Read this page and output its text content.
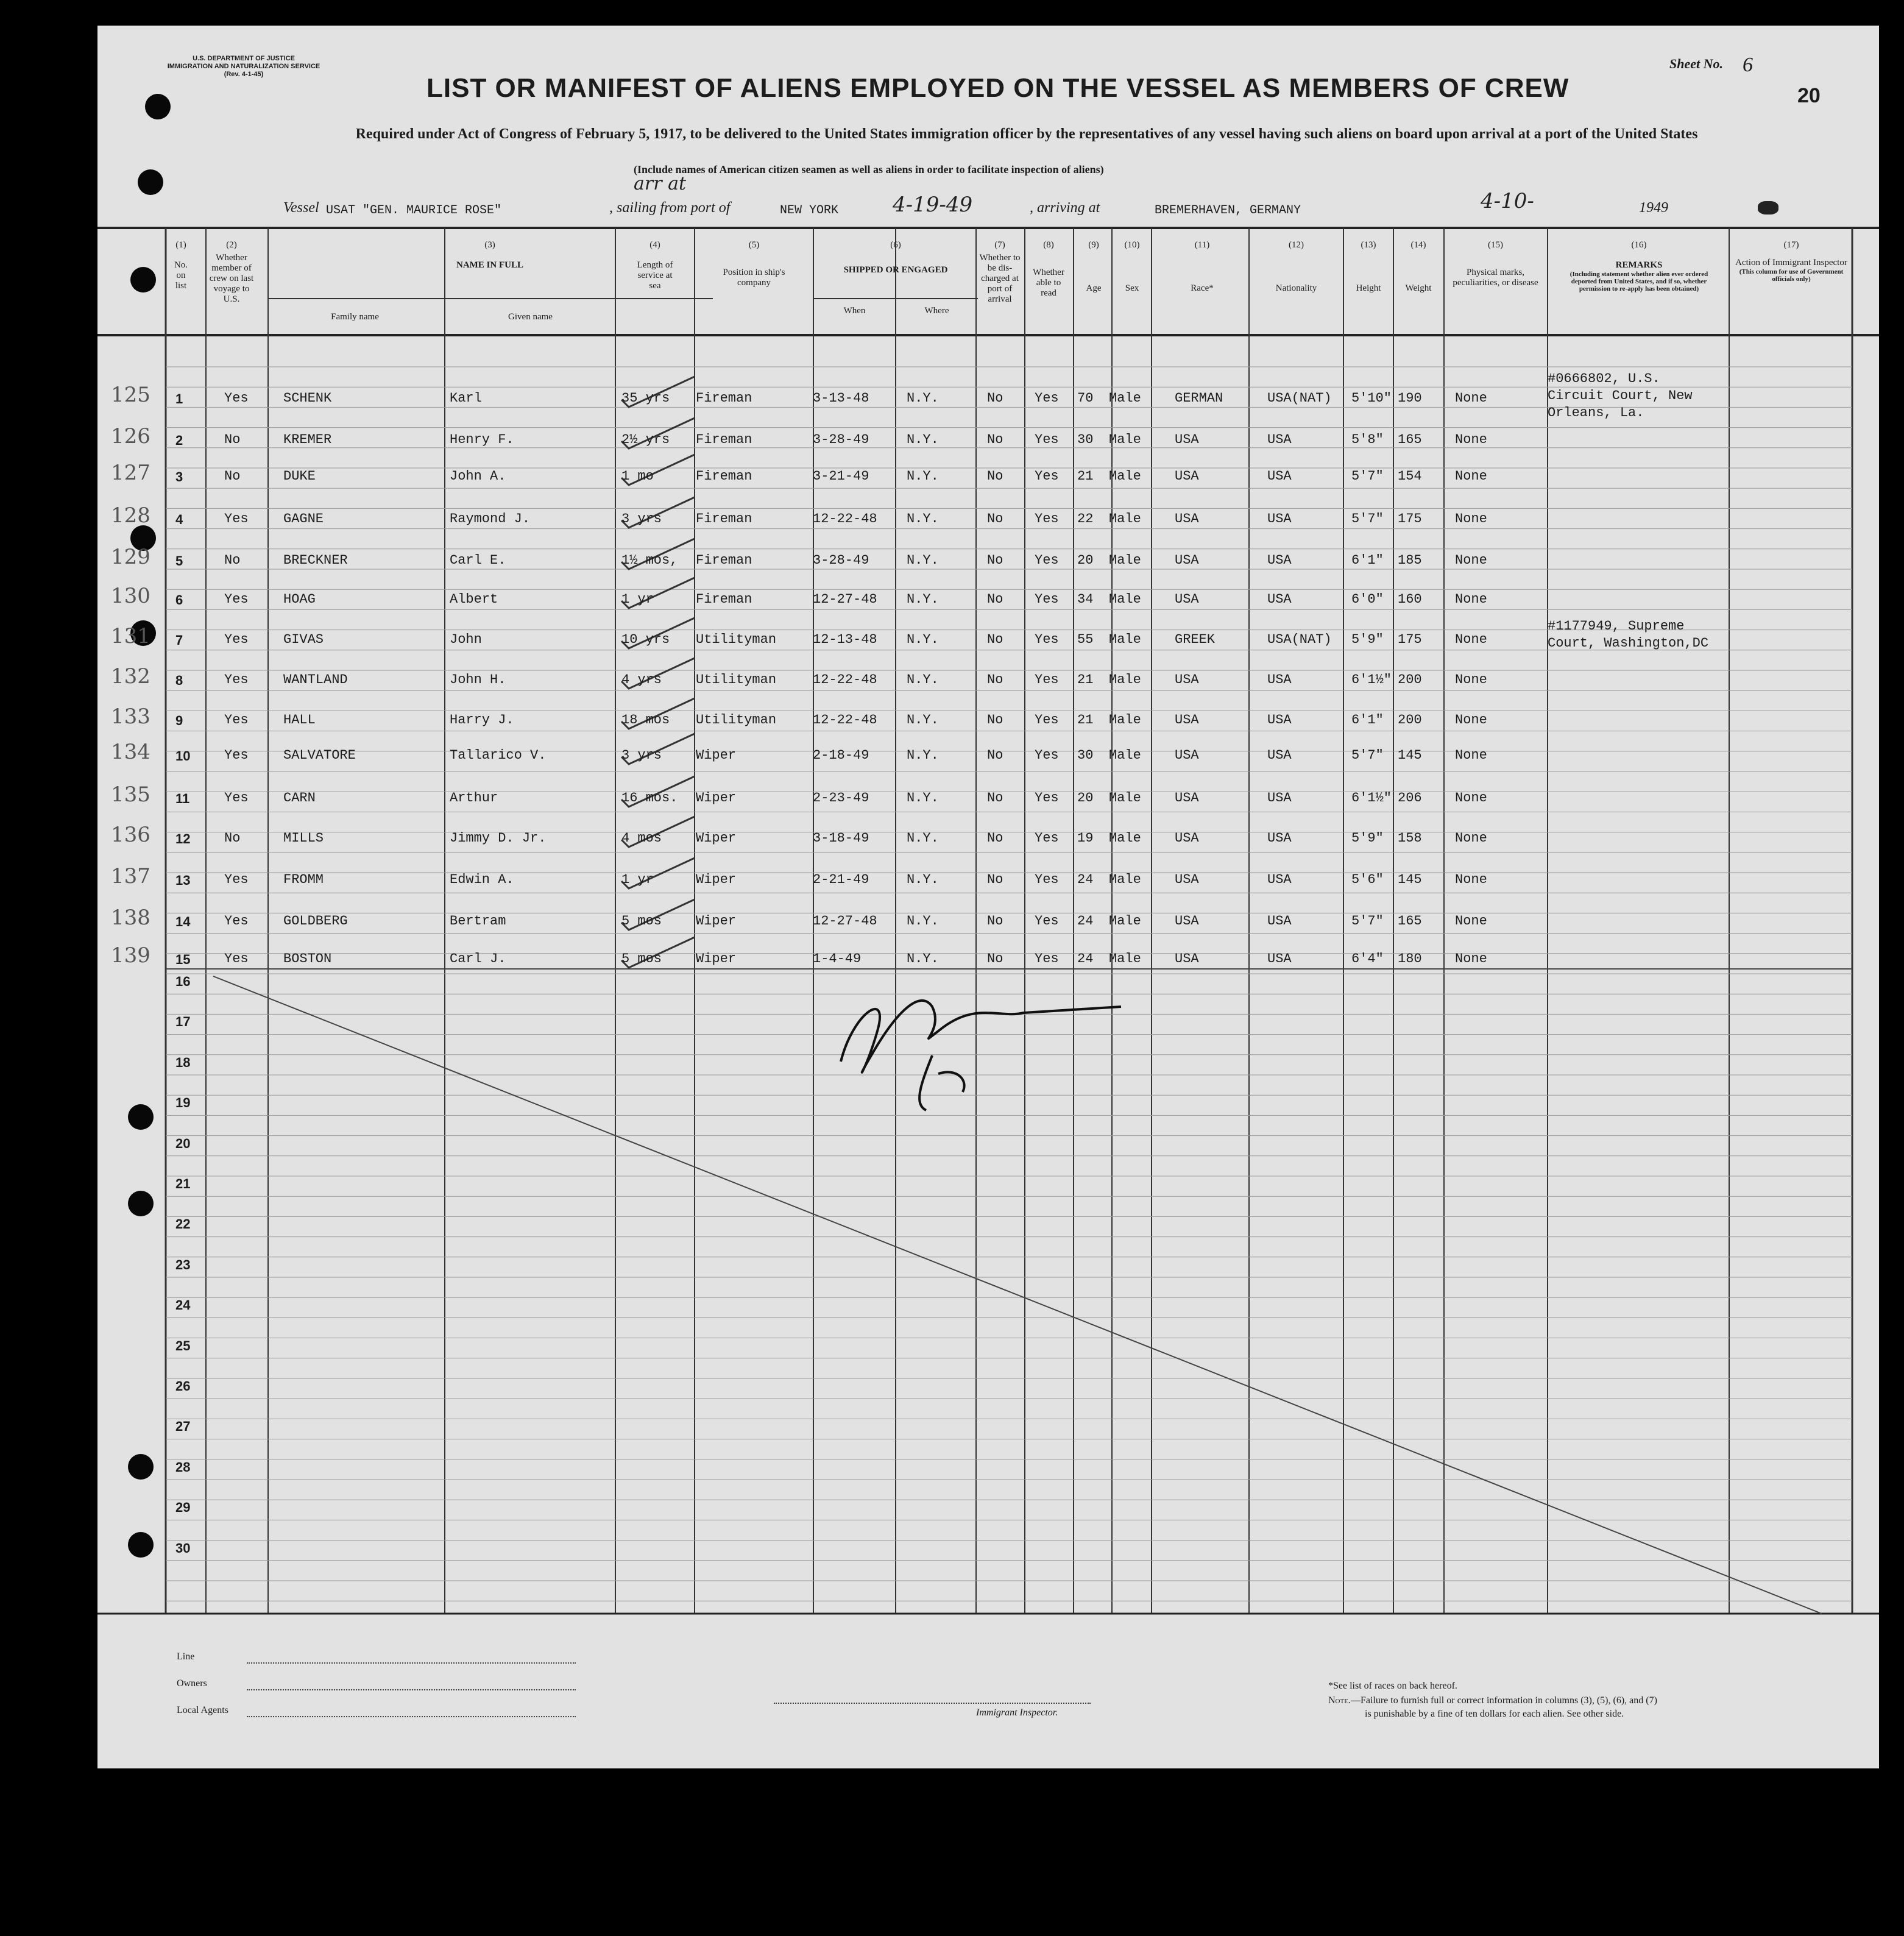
U.S. DEPARTMENT OF JUSTICE
IMMIGRATION AND NATURALIZATION SERVICE
(Rev. 4-1-45)
Sheet No. 6
20
LIST OR MANIFEST OF ALIENS EMPLOYED ON THE VESSEL AS MEMBERS OF CREW
Required under Act of Congress of February 5, 1917, to be delivered to the United States immigration officer by the representatives of any vessel having such aliens on board upon arrival at a port of the United States
(Include names of American citizen seamen as well as aliens in order to facilitate inspection of aliens)
Vessel USAT "GEN. MAURICE ROSE"	, sailing from port of	NEW YORK	4-19-49
arr at
, arriving at	BREMERHAVEN, GERMANY	4-10-	1949
(1)
No. on list
(2)
Whether member of crew on last voyage to U.S.
(3)
NAME IN FULL
Family name	Given name
(4)
Length of service at sea
(5)
Position in ship's company
(6)
SHIPPED OR ENGAGED
When	Where
(7)
Whether to be dis-charged at port of arrival
(8)
Whether able to read
(9)
Age
(10)
Sex
(11)
Race*
(12)
Nationality
(13)
Height
(14)
Weight
(15)
Physical marks, peculiarities, or disease
(16)
REMARKS
(Including statement whether alien ever ordered deported from United States, and if so, whether permission to re-apply has been obtained)
(17)
Action of Immigrant Inspector
(This column for use of Government officials only)
125 1	Yes	SCHENK	Karl	35 yrs Fireman	3-13-48	N.Y.	No Yes 70 Male	GERMAN	USA(NAT) 5'10" 190 None
#0666802, U.S.
Circuit Court, New
Orleans, La.
126 2	No	KREMER	Henry F.	2½ yrs Fireman	3-28-49	N.Y.	No Yes 30 Male	USA	USA	5'8" 165 None
127 3	No	DUKE	John A.	1 mo	Fireman	3-21-49	N.Y.	No Yes 21 Male	USA	USA	5'7" 154 None
128 4	Yes	GAGNE	Raymond J.	3 yrs	Fireman	12-22-48 N.Y.	No Yes 22 Male	USA	USA	5'7" 175 None
129 5	No	BRECKNER	Carl E.	1½ mos, Fireman	3-28-49	N.Y.	No Yes 20 Male	USA	USA	6'1" 185 None
130 6	Yes	HOAG	Albert	1 yr	Fireman	12-27-48 N.Y.	No Yes 34 Male	USA	USA	6'0" 160 None
131 7	Yes	GIVAS	John	10 yrs Utilityman	12-13-48 N.Y.	No Yes 55 Male	GREEK	USA(NAT) 5'9" 175 None
#1177949, Supreme
Court, Washington,DC
132 8	Yes	WANTLAND	John H.	4 yrs	Utilityman	12-22-48 N.Y.	No Yes 21 Male	USA	USA	6'1½" 200 None
133 9	Yes	HALL	Harry J.	18 mos Utilityman	12-22-48 N.Y.	No Yes 21 Male	USA	USA	6'1" 200 None
134 10	Yes	SALVATORE	Tallarico V.	3 yrs	Wiper	2-18-49	N.Y.	No Yes 30 Male	USA	USA	5'7" 145 None
135 11	Yes	CARN	Arthur	16 mos. Wiper	2-23-49	N.Y.	No Yes 20 Male	USA	USA	6'1½" 206 None
136 12	No	MILLS	Jimmy D. Jr.	4 mos	Wiper	3-18-49	N.Y.	No Yes 19 Male	USA	USA	5'9" 158 None
137 13	Yes	FROMM	Edwin A.	1 yr	Wiper	2-21-49	N.Y.	No Yes 24 Male	USA	USA	5'6" 145 None
138 14	Yes	GOLDBERG	Bertram	5 mos	Wiper	12-27-48 N.Y.	No Yes 24 Male	USA	USA	5'7" 165 None
139 15	Yes	BOSTON	Carl J.	5 mos	Wiper	1-4-49	N.Y.	No Yes 24 Male	USA	USA	6'4" 180 None
16
17
18
19
20
21
22
23
24
25
26
27
28
29
30
Line
Owners
Local Agents	Immigrant Inspector.
*See list of races on back hereof.
Note.—Failure to furnish full or correct information in columns (3), (5), (6), and (7)
is punishable by a fine of ten dollars for each alien. See other side.
